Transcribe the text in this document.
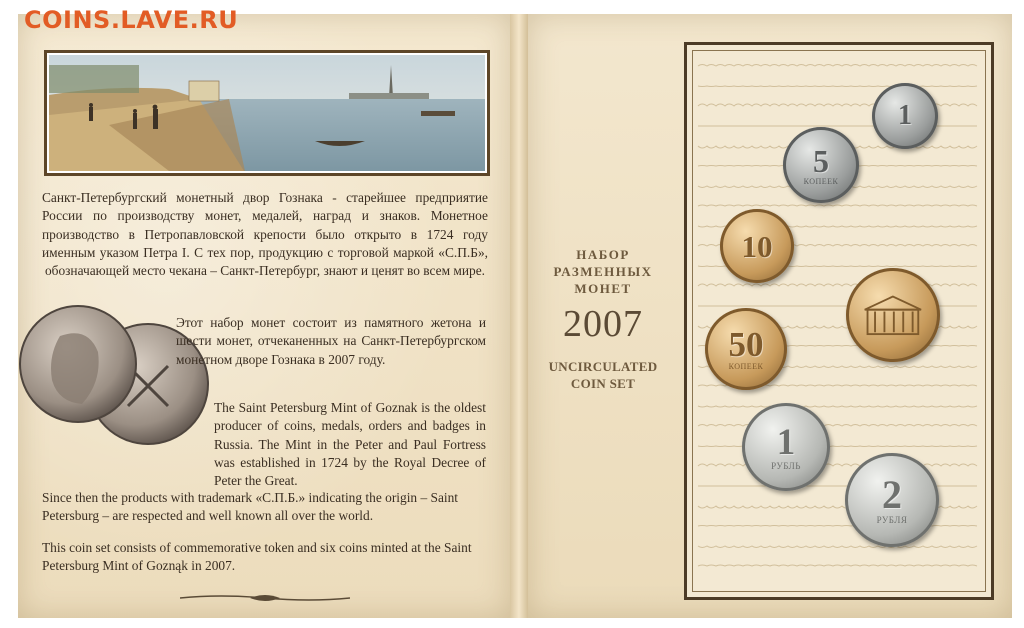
COINS.LAVE.RU
Санкт-Петербургский монетный двор Гознака - старейшее предприятие России по производству монет, медалей, наград и знаков. Монетное производство в Петропавловской крепости было открыто в 1724 году именным указом Петра I. С тех пор, продукцию с торговой маркой «С.П.Б», обозначающей место чекана – Санкт-Петербург, знают и ценят во всем мире.
Этот набор монет состоит из памятного жетона и шести монет, отчеканенных на Санкт-Петербургском монетном дворе Гознака в 2007 году.
The Saint Petersburg Mint of Goznak is the oldest producer of coins, medals, orders and badges in Russia. The Mint in the Peter and Paul Fortress was established in 1724 by the Royal Decree of Peter the Great.
Since then the products with trademark «С.П.Б.» indicating the origin – Saint Petersburg – are respected and well known all over the world.
This coin set consists of commemorative token and six coins minted at the Saint Petersburg Mint of Goznąk in 2007.
НАБОР
РАЗМЕННЫХ
МОНЕТ
2007
UNCIRCULATED
COIN SET
1
5
КОПЕЕК
10
50
КОПЕЕК
1
РУБЛЬ
2
РУБЛЯ
